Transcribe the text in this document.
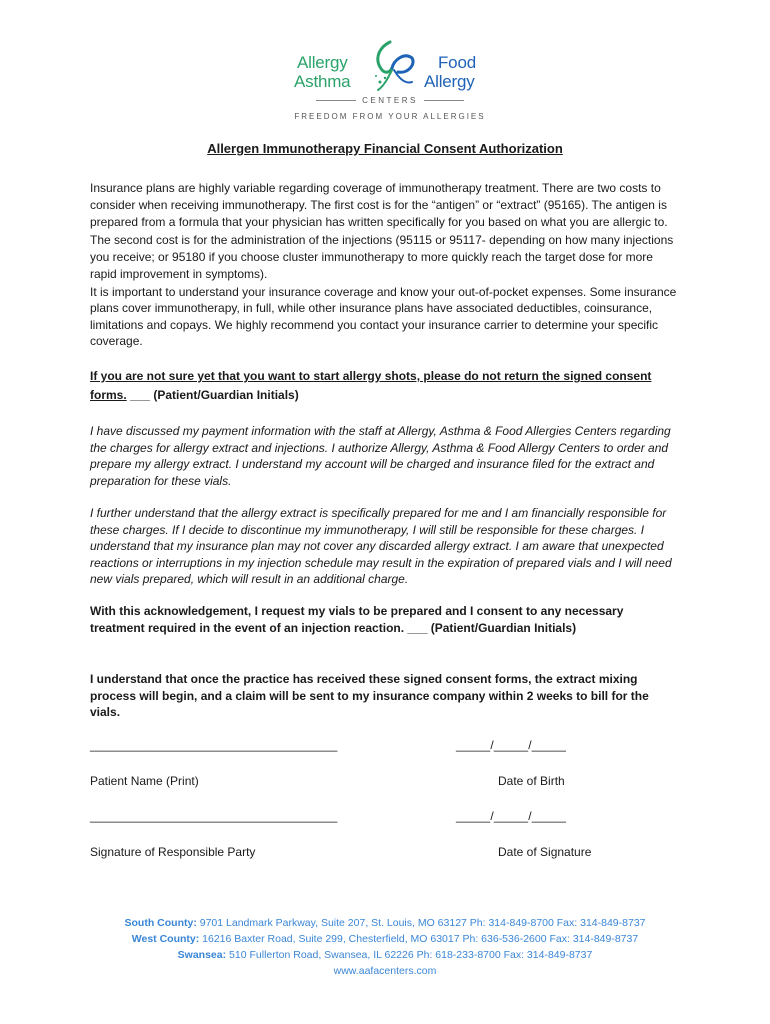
Allergy
Asthma
Food
Allergy
CENTERS
FREEDOM FROM YOUR ALLERGIES
Allergen Immunotherapy Financial Consent Authorization

Insurance plans are highly variable regarding coverage of immunotherapy treatment. There are two costs to consider when receiving immunotherapy. The first cost is for the “antigen” or “extract” (95165). The antigen is prepared from a formula that your physician has written specifically for you based on what you are allergic to. The second cost is for the administration of the injections (95115 or 95117- depending on how many injections you receive; or 95180 if you choose cluster immunotherapy to more quickly reach the target dose for more rapid improvement in symptoms).

It is important to understand your insurance coverage and know your out-of-pocket expenses. Some insurance plans cover immunotherapy, in full, while other insurance plans have associated deductibles, coinsurance, limitations and copays. We highly recommend you contact your insurance carrier to determine your specific coverage.

If you are not sure yet that you want to start allergy shots, please do not return the signed consent forms. ___ (Patient/Guardian Initials)

I have discussed my payment information with the staff at Allergy, Asthma & Food Allergies Centers regarding the charges for allergy extract and injections. I authorize Allergy, Asthma & Food Allergy Centers to order and prepare my allergy extract. I understand my account will be charged and insurance filed for the extract and preparation for these vials.

I further understand that the allergy extract is specifically prepared for me and I am financially responsible for these charges. If I decide to discontinue my immunotherapy, I will still be responsible for these charges. I understand that my insurance plan may not cover any discarded allergy extract. I am aware that unexpected reactions or interruptions in my injection schedule may result in the expiration of prepared vials and I will need new vials prepared, which will result in an additional charge.

With this acknowledgement, I request my vials to be prepared and I consent to any necessary treatment required in the event of an injection reaction. ___ (Patient/Guardian Initials)

I understand that once the practice has received these signed consent forms, the extract mixing process will begin, and a claim will be sent to my insurance company within 2 weeks to bill for the vials.

____________________________________	_____/_____/_____
Patient Name (Print)	Date of Birth
____________________________________	_____/_____/_____
Signature of Responsible Party	Date of Signature
South County: 9701 Landmark Parkway, Suite 207, St. Louis, MO 63127 Ph: 314-849-8700 Fax: 314-849-8737
West County: 16216 Baxter Road, Suite 299, Chesterfield, MO 63017 Ph: 636-536-2600 Fax: 314-849-8737
Swansea: 510 Fullerton Road, Swansea, IL 62226 Ph: 618-233-8700 Fax: 314-849-8737
www.aafacenters.com
